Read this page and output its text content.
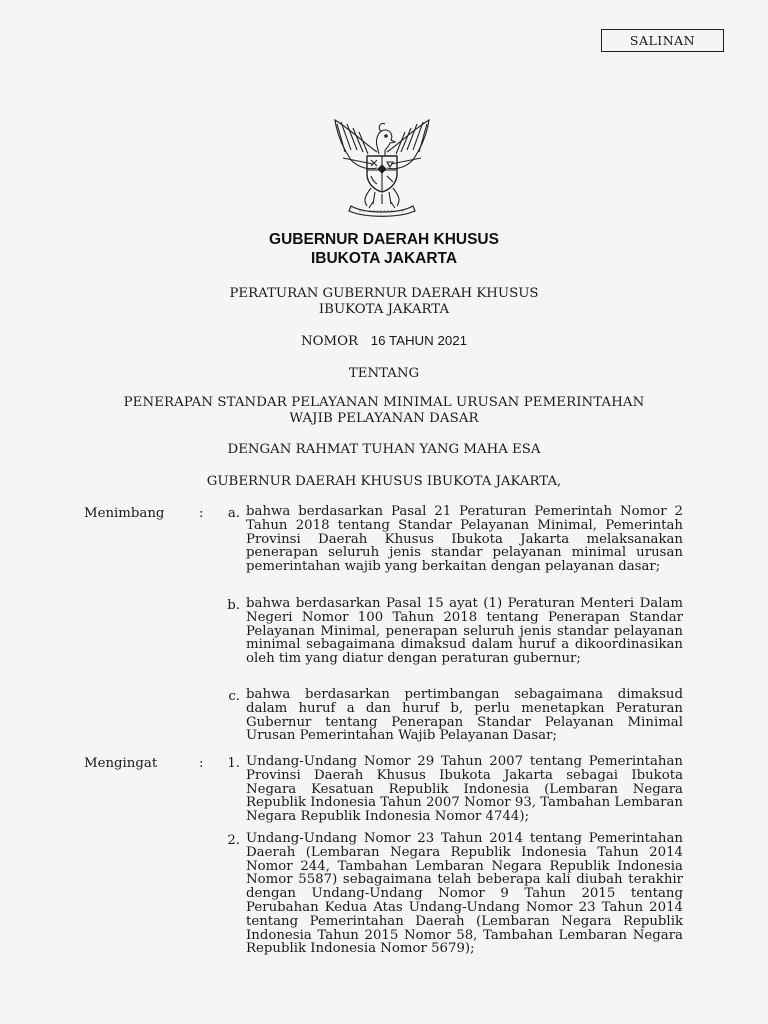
SALINAN
GUBERNUR DAERAH KHUSUS
IBUKOTA JAKARTA
PERATURAN GUBERNUR DAERAH KHUSUS
IBUKOTA JAKARTA
NOMOR 16 TAHUN 2021
TENTANG
PENERAPAN STANDAR PELAYANAN MINIMAL URUSAN PEMERINTAHAN
WAJIB PELAYANAN DASAR
DENGAN RAHMAT TUHAN YANG MAHA ESA
GUBERNUR DAERAH KHUSUS IBUKOTA JAKARTA,
Menimbang	:	a. bahwa berdasarkan Pasal 21 Peraturan Pemerintah Nomor 2 Tahun 2018 tentang Standar Pelayanan Minimal, Pemerintah Provinsi Daerah Khusus Ibukota Jakarta melaksanakan penerapan seluruh jenis standar pelayanan minimal urusan pemerintahan wajib yang berkaitan dengan pelayanan dasar;
b. bahwa berdasarkan Pasal 15 ayat (1) Peraturan Menteri Dalam Negeri Nomor 100 Tahun 2018 tentang Penerapan Standar Pelayanan Minimal, penerapan seluruh jenis standar pelayanan minimal sebagaimana dimaksud dalam huruf a dikoordinasikan oleh tim yang diatur dengan peraturan gubernur;
c. bahwa berdasarkan pertimbangan sebagaimana dimaksud dalam huruf a dan huruf b, perlu menetapkan Peraturan Gubernur tentang Penerapan Standar Pelayanan Minimal Urusan Pemerintahan Wajib Pelayanan Dasar;
Mengingat	:	1. Undang-Undang Nomor 29 Tahun 2007 tentang Pemerintahan Provinsi Daerah Khusus Ibukota Jakarta sebagai Ibukota Negara Kesatuan Republik Indonesia (Lembaran Negara Republik Indonesia Tahun 2007 Nomor 93, Tambahan Lembaran Negara Republik Indonesia Nomor 4744);
2. Undang-Undang Nomor 23 Tahun 2014 tentang Pemerintahan Daerah (Lembaran Negara Republik Indonesia Tahun 2014 Nomor 244, Tambahan Lembaran Negara Republik Indonesia Nomor 5587) sebagaimana telah beberapa kali diubah terakhir dengan Undang-Undang Nomor 9 Tahun 2015 tentang Perubahan Kedua Atas Undang-Undang Nomor 23 Tahun 2014 tentang Pemerintahan Daerah (Lembaran Negara Republik Indonesia Tahun 2015 Nomor 58, Tambahan Lembaran Negara Republik Indonesia Nomor 5679);
